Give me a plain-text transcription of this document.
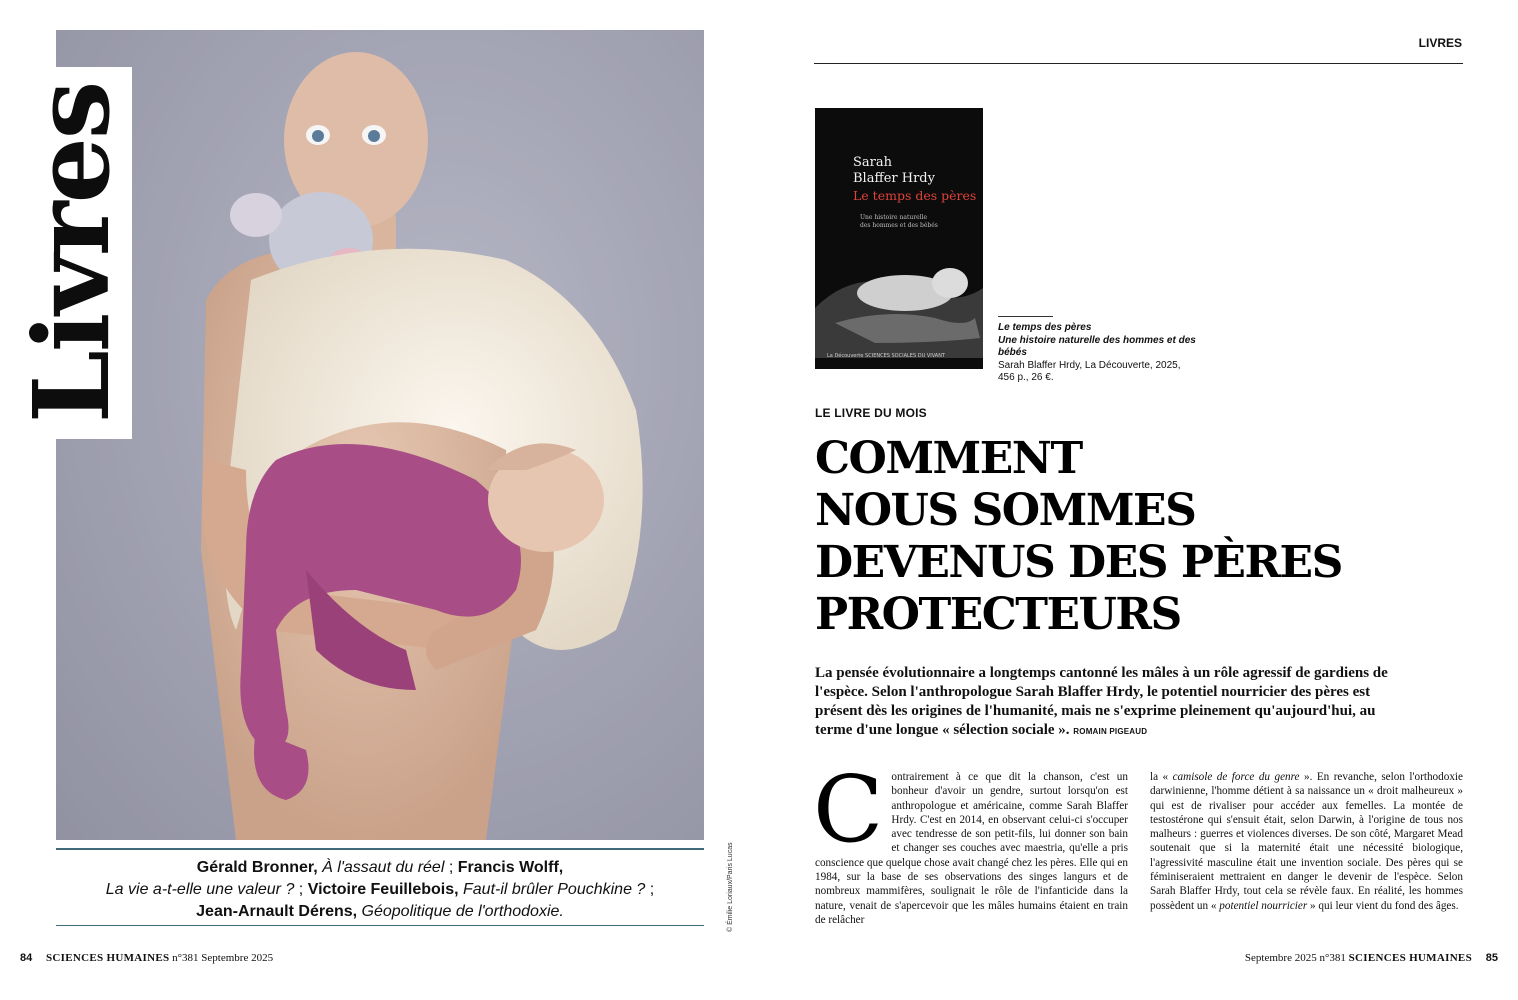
Livres
© Émilie Loriaux/Paris Lucas
Gérald Bronner, À l'assaut du réel ; Francis Wolff,
La vie a-t-elle une valeur ? ; Victoire Feuillebois, Faut-il brûler Pouchkine ? ;
Jean-Arnault Dérens, Géopolitique de l'orthodoxie.
84 SCIENCES HUMAINES n°381 Septembre 2025
LIVRES
Sarah
Blaffer Hrdy
Le temps des pères
Une histoire naturelle
des hommes et des bébés
La Découverte SCIENCES SOCIALES DU VIVANT
Le temps des pères
Une histoire naturelle des hommes et des bébés
Sarah Blaffer Hrdy, La Découverte, 2025,
456 p., 26 €.
LE LIVRE DU MOIS
COMMENT
NOUS SOMMES
DEVENUS DES PÈRES
PROTECTEURS
La pensée évolutionnaire a longtemps cantonné les mâles à un rôle agressif de gardiens de l'espèce. Selon l'anthropologue Sarah Blaffer Hrdy, le potentiel nourricier des pères est présent dès les origines de l'humanité, mais ne s'exprime pleinement qu'aujourd'hui, au terme d'une longue « sélection sociale ». ROMAIN PIGEAUD
C ontrairement à ce que dit la chanson, c'est un bonheur d'avoir un gendre, surtout lorsqu'on est anthropologue et américaine, comme Sarah Blaffer Hrdy. C'est en 2014, en observant celui-ci s'occuper avec tendresse de son petit-fils, lui donner son bain et changer ses couches avec maestria, qu'elle a pris conscience que quelque chose avait changé chez les pères. Elle qui en 1984, sur la base de ses observations des singes langurs et de nombreux mammifères, soulignait le rôle de l'infanticide dans la nature, venait de s'apercevoir que les mâles humains étaient en train de relâcher
la « camisole de force du genre ». En revanche, selon l'orthodoxie darwinienne, l'homme détient à sa naissance un « droit malheureux » qui est de rivaliser pour accéder aux femelles. La montée de testostérone qui s'ensuit était, selon Darwin, à l'origine de tous nos malheurs : guerres et violences diverses. De son côté, Margaret Mead soutenait que si la maternité était une nécessité biologique, l'agressivité masculine était une invention sociale. Des pères qui se féminiseraient mettraient en danger le devenir de l'espèce. Selon Sarah Blaffer Hrdy, tout cela se révèle faux. En réalité, les hommes possèdent un « potentiel nourricier » qui leur vient du fond des âges.
Septembre 2025 n°381 SCIENCES HUMAINES 85
